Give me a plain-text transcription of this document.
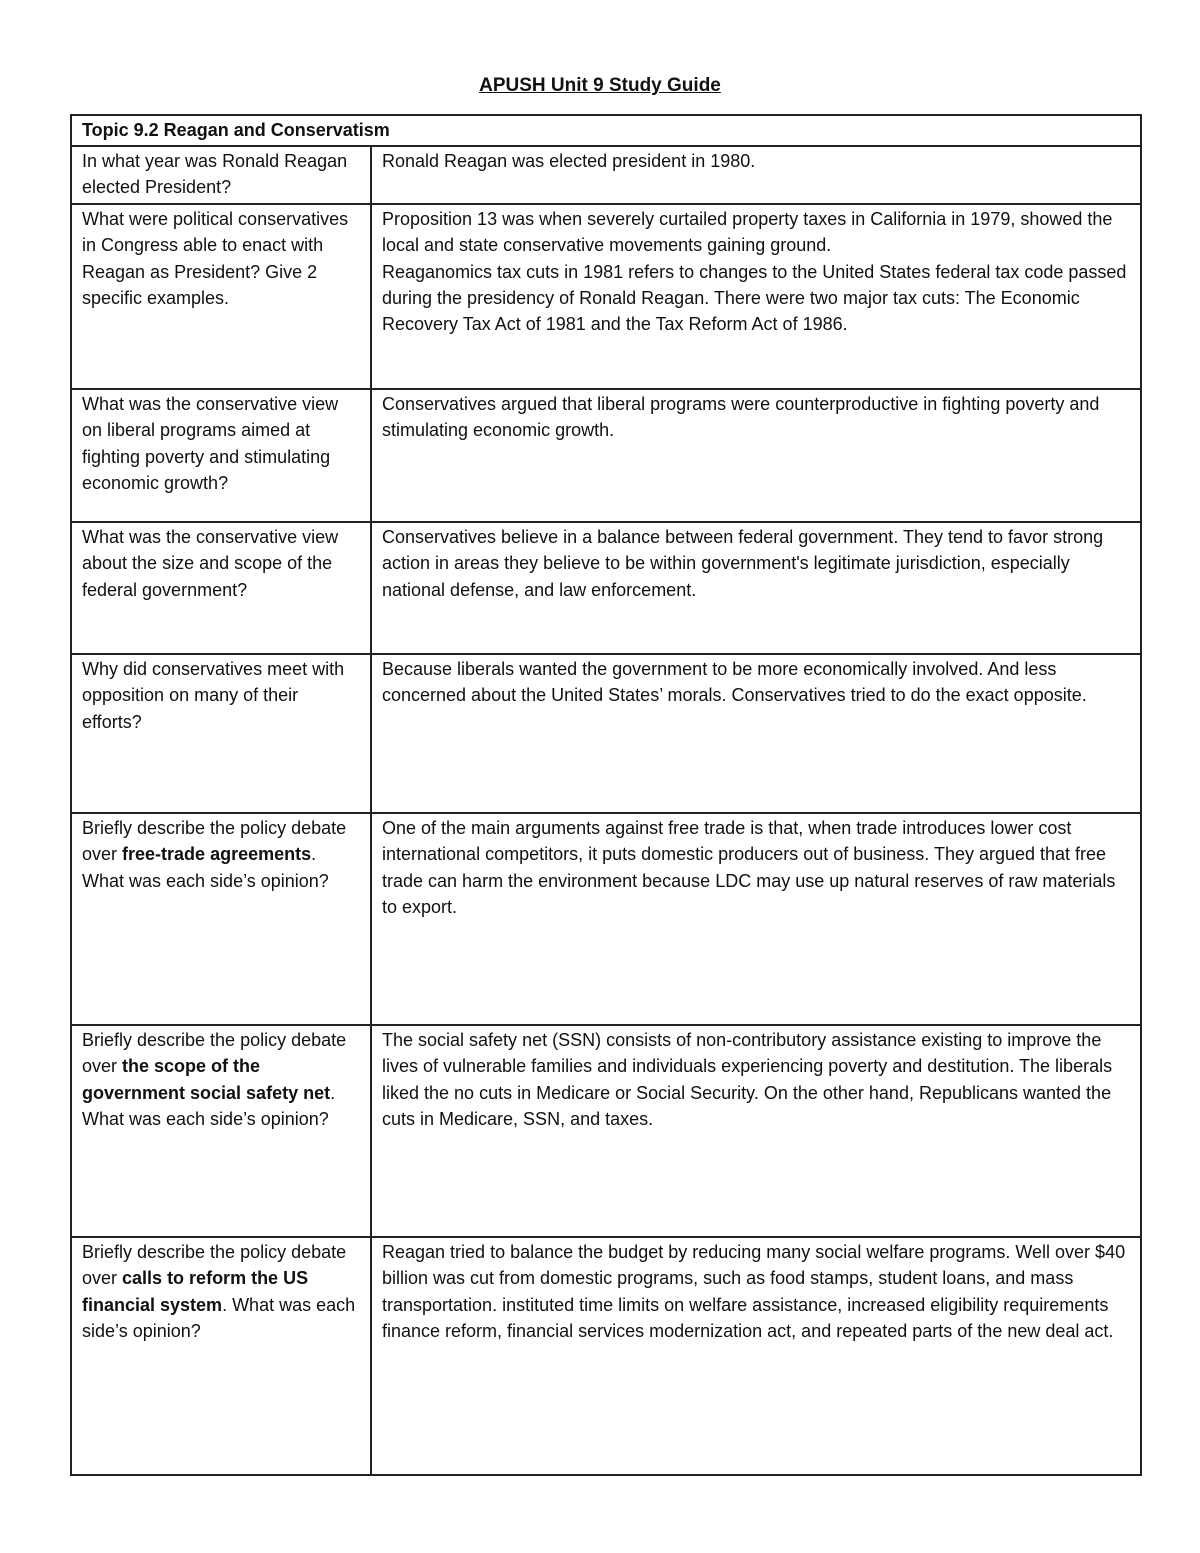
APUSH Unit 9 Study Guide
Topic 9.2 Reagan and Conservatism	
In what year was Ronald Reagan elected President?	Ronald Reagan was elected president in 1980.
What were political conservatives in Congress able to enact with Reagan as President? Give 2 specific examples.	Proposition 13 was when severely curtailed property taxes in California in 1979, showed the local and state conservative movements gaining ground.
Reaganomics tax cuts in 1981 refers to changes to the United States federal tax code passed during the presidency of Ronald Reagan. There were two major tax cuts: The Economic Recovery Tax Act of 1981 and the Tax Reform Act of 1986.

What was the conservative view on liberal programs aimed at fighting poverty and stimulating economic growth?	Conservatives argued that liberal programs were counterproductive in fighting poverty and stimulating economic growth.
What was the conservative view about the size and scope of the federal government?	Conservatives believe in a balance between federal government. They tend to favor strong action in areas they believe to be within government's legitimate jurisdiction, especially national defense, and law enforcement.
Why did conservatives meet with opposition on many of their efforts?	Because liberals wanted the government to be more economically involved. And less concerned about the United States’ morals. Conservatives tried to do the exact opposite.
Briefly describe the policy debate over free-trade agreements. What was each side’s opinion?	One of the main arguments against free trade is that, when trade introduces lower cost international competitors, it puts domestic producers out of business. They argued that free trade can harm the environment because LDC may use up natural reserves of raw materials to export.
Briefly describe the policy debate over the scope of the government social safety net. What was each side’s opinion?	The social safety net (SSN) consists of non-contributory assistance existing to improve the lives of vulnerable families and individuals experiencing poverty and destitution. The liberals liked the no cuts in Medicare or Social Security. On the other hand, Republicans wanted the cuts in Medicare, SSN, and taxes.
Briefly describe the policy debate over calls to reform the US financial system. What was each side’s opinion?	Reagan tried to balance the budget by reducing many social welfare programs. Well over $40 billion was cut from domestic programs, such as food stamps, student loans, and mass transportation. instituted time limits on welfare assistance, increased eligibility requirements finance reform, financial services modernization act, and repeated parts of the new deal act.
